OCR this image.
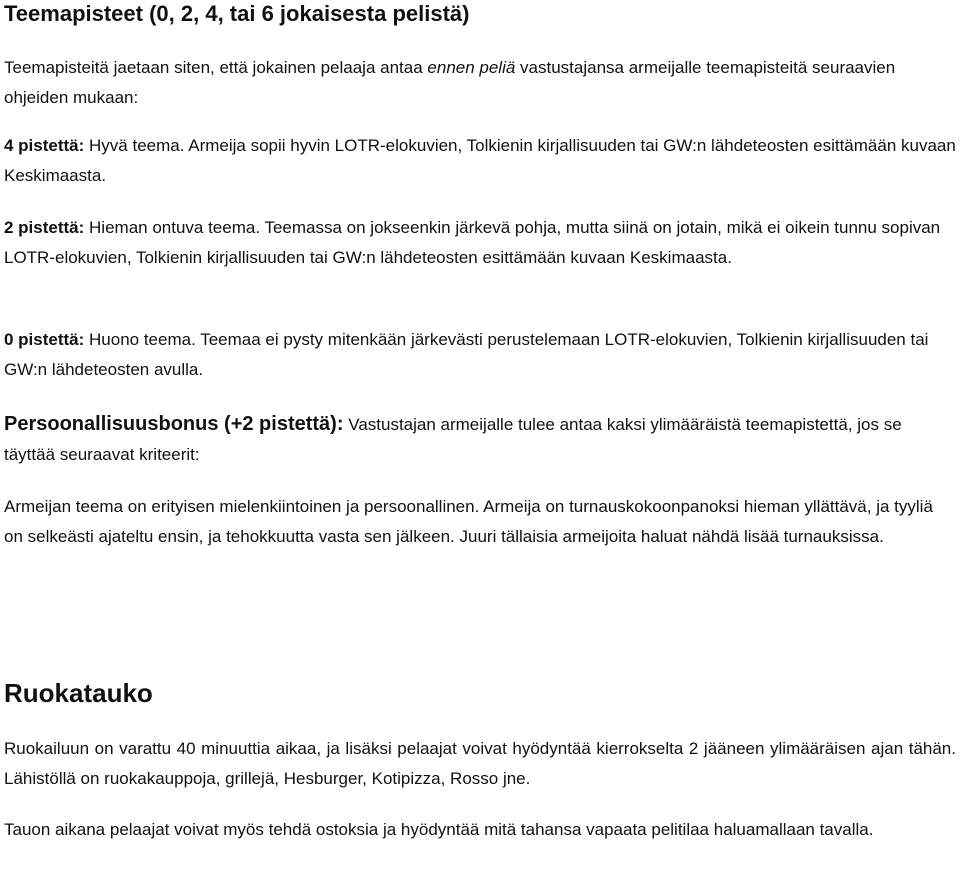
Teemapisteet (0, 2, 4, tai 6 jokaisesta pelistä)

Teemapisteitä jaetaan siten, että jokainen pelaaja antaa ennen peliä vastustajansa armeijalle teemapisteitä seuraavien ohjeiden mukaan:

4 pistettä: Hyvä teema. Armeija sopii hyvin LOTR-elokuvien, Tolkienin kirjallisuuden tai GW:n lähdeteosten esittämään kuvaan Keskimaasta.

2 pistettä: Hieman ontuva teema. Teemassa on jokseenkin järkevä pohja, mutta siinä on jotain, mikä ei oikein tunnu sopivan LOTR-elokuvien, Tolkienin kirjallisuuden tai GW:n lähdeteosten esittämään kuvaan Keskimaasta.

0 pistettä: Huono teema. Teemaa ei pysty mitenkään järkevästi perustelemaan LOTR-elokuvien, Tolkienin kirjallisuuden tai GW:n lähdeteosten avulla.

Persoonallisuusbonus (+2 pistettä): Vastustajan armeijalle tulee antaa kaksi ylimääräistä teemapistettä, jos se täyttää seuraavat kriteerit:

Armeijan teema on erityisen mielenkiintoinen ja persoonallinen. Armeija on turnauskokoonpanoksi hieman yllättävä, ja tyyliä on selkeästi ajateltu ensin, ja tehokkuutta vasta sen jälkeen. Juuri tällaisia armeijoita haluat nähdä lisää turnauksissa.

Ruokatauko

Ruokailuun on varattu 40 minuuttia aikaa, ja lisäksi pelaajat voivat hyödyntää kierrokselta 2 jääneen ylimääräisen ajan tähän. Lähistöllä on ruokakauppoja, grillejä, Hesburger, Kotipizza, Rosso jne.

Tauon aikana pelaajat voivat myös tehdä ostoksia ja hyödyntää mitä tahansa vapaata pelitilaa haluamallaan tavalla.
